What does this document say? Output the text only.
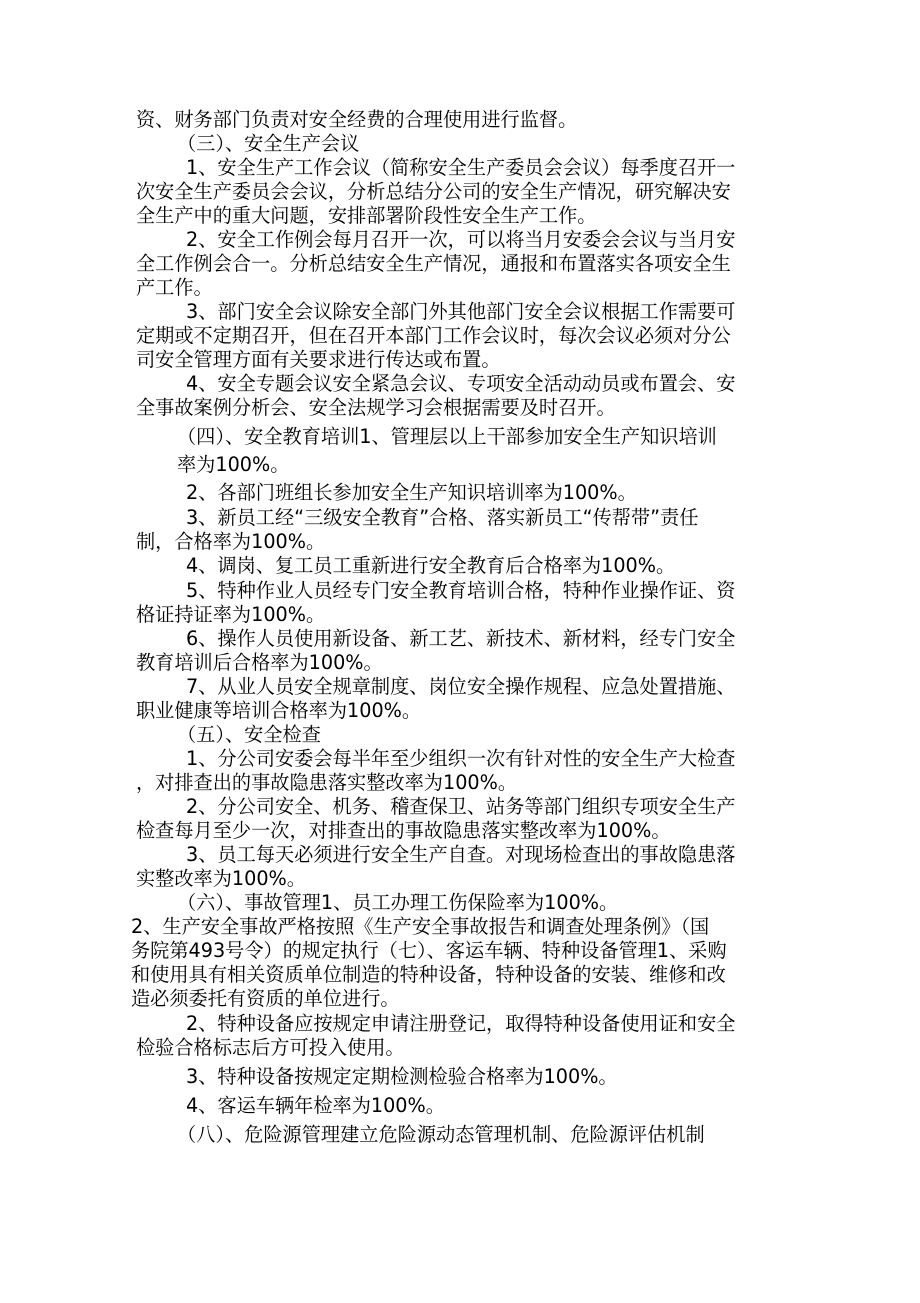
资、财务部门负责对安全经费的合理使用进行监督。
（三）、安全生产会议
1、安全生产工作会议（简称安全生产委员会会议）每季度召开一
次安全生产委员会会议，分析总结分公司的安全生产情况，研究解决安
全生产中的重大问题，安排部署阶段性安全生产工作。
2、安全工作例会每月召开一次，可以将当月安委会会议与当月安
全工作例会合一。分析总结安全生产情况，通报和布置落实各项安全生
产工作。
3、部门安全会议除安全部门外其他部门安全会议根据工作需要可
定期或不定期召开，但在召开本部门工作会议时，每次会议必须对分公
司安全管理方面有关要求进行传达或布置。
4、安全专题会议安全紧急会议、专项安全活动动员或布置会、安
全事故案例分析会、安全法规学习会根据需要及时召开。
（四）、安全教育培训1、管理层以上干部参加安全生产知识培训
率为100%。
2、各部门班组长参加安全生产知识培训率为100%。
3、新员工经“三级安全教育”合格、落实新员工“传帮带”责任
制，合格率为100%。
4、调岗、复工员工重新进行安全教育后合格率为100%。
5、特种作业人员经专门安全教育培训合格，特种作业操作证、资
格证持证率为100%。
6、操作人员使用新设备、新工艺、新技术、新材料，经专门安全
教育培训后合格率为100%。
7、从业人员安全规章制度、岗位安全操作规程、应急处置措施、
职业健康等培训合格率为100%。
（五）、安全检查
1、分公司安委会每半年至少组织一次有针对性的安全生产大检查
，对排查出的事故隐患落实整改率为100%。
2、分公司安全、机务、稽查保卫、站务等部门组织专项安全生产
检查每月至少一次，对排查出的事故隐患落实整改率为100%。
3、员工每天必须进行安全生产自查。对现场检查出的事故隐患落
实整改率为100%。
（六）、事故管理1、员工办理工伤保险率为100%。
2、生产安全事故严格按照《生产安全事故报告和调查处理条例》（国
务院第493号令）的规定执行（七）、客运车辆、特种设备管理1、采购
和使用具有相关资质单位制造的特种设备，特种设备的安装、维修和改
造必须委托有资质的单位进行。
2、特种设备应按规定申请注册登记，取得特种设备使用证和安全
检验合格标志后方可投入使用。
3、特种设备按规定定期检测检验合格率为100%。
4、客运车辆年检率为100%。
（八）、危险源管理建立危险源动态管理机制、危险源评估机制
